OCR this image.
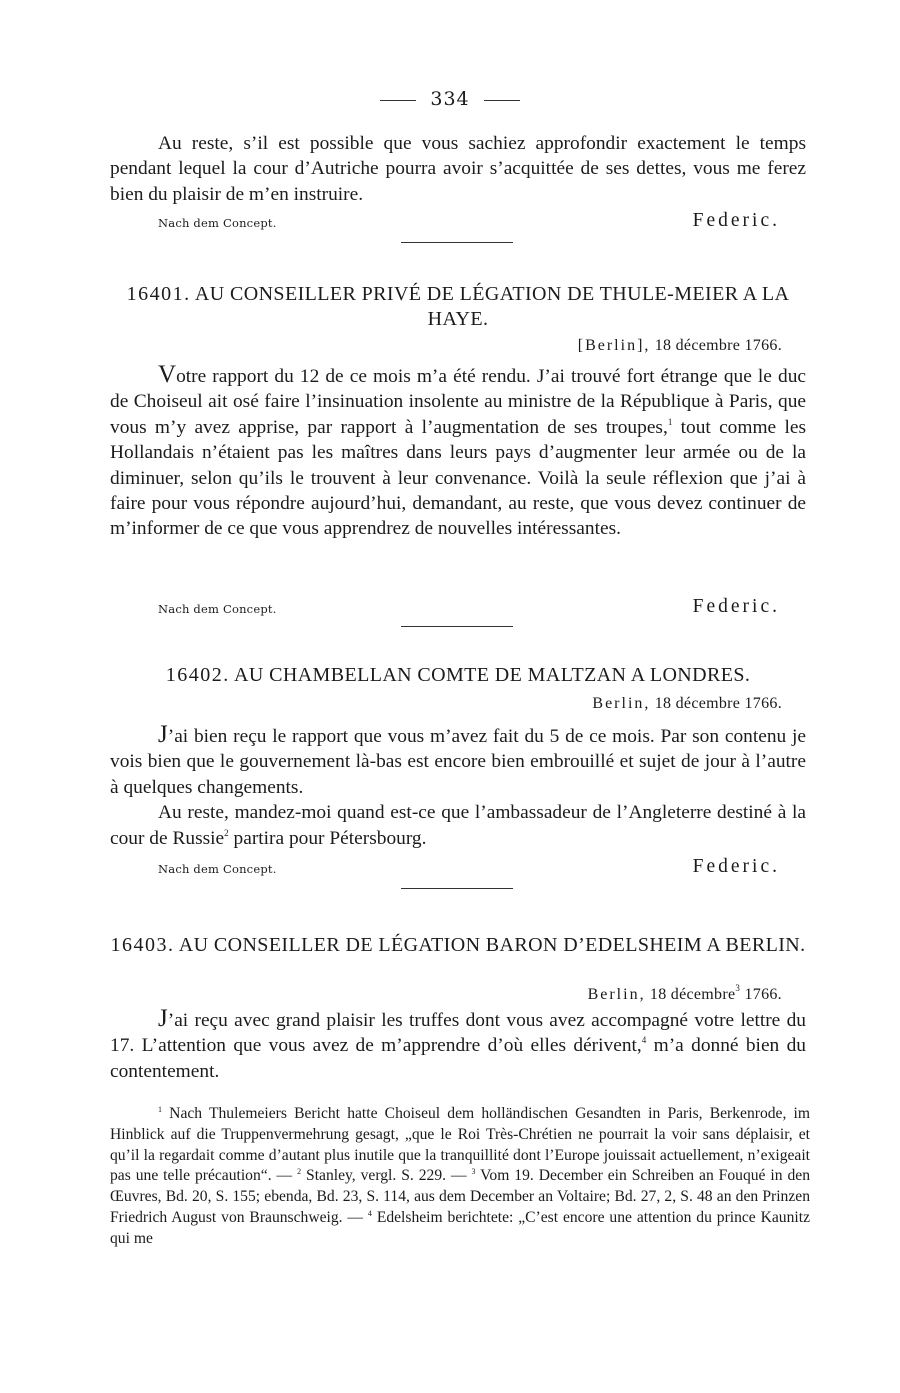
334

Au reste, s’il est possible que vous sachiez approfondir exactement le temps pendant lequel la cour d’Autriche pourra avoir s’acquittée de ses dettes, vous me ferez bien du plaisir de m’en instruire.

Nach dem Concept.	Federic.
16401. AU CONSEILLER PRIVÉ DE LÉGATION DE THULE-MEIER A LA HAYE.
[Berlin], 18 décembre 1766.

Votre rapport du 12 de ce mois m’a été rendu. J’ai trouvé fort étrange que le duc de Choiseul ait osé faire l’insinuation insolente au ministre de la République à Paris, que vous m’y avez apprise, par rapport à l’augmentation de ses troupes,$^1$ tout comme les Hollandais n’étaient pas les maîtres dans leurs pays d’augmenter leur armée ou de la diminuer, selon qu’ils le trouvent à leur convenance. Voilà la seule réflexion que j’ai à faire pour vous répondre aujourd’hui, demandant, au reste, que vous devez continuer de m’informer de ce que vous apprendrez de nouvelles intéressantes.

Nach dem Concept.	Federic.
16402. AU CHAMBELLAN COMTE DE MALTZAN A LONDRES.
Berlin, 18 décembre 1766.

J’ai bien reçu le rapport que vous m’avez fait du 5 de ce mois. Par son contenu je vois bien que le gouvernement là-bas est encore bien embrouillé et sujet de jour à l’autre à quelques changements.

Au reste, mandez-moi quand est-ce que l’ambassadeur de l’Angleterre destiné à la cour de Russie$^2$ partira pour Pétersbourg.

Nach dem Concept.	Federic.
16403. AU CONSEILLER DE LÉGATION BARON D’EDELSHEIM A BERLIN.
Berlin, 18 décembre$^3$ 1766.

J’ai reçu avec grand plaisir les truffes dont vous avez accompagné votre lettre du 17. L’attention que vous avez de m’apprendre d’où elles dérivent,$^4$ m’a donné bien du contentement.

$^1$ Nach Thulemeiers Bericht hatte Choiseul dem holländischen Gesandten in Paris, Berkenrode, im Hinblick auf die Truppenvermehrung gesagt, „que le Roi Très-Chrétien ne pourrait la voir sans déplaisir, et qu’il la regardait comme d’autant plus inutile que la tranquillité dont l’Europe jouissait actuellement, n’exigeait pas une telle précaution“. — $^2$ Stanley, vergl. S. 229. — $^3$ Vom 19. December ein Schreiben an Fouqué in den Œuvres, Bd. 20, S. 155; ebenda, Bd. 23, S. 114, aus dem December an Voltaire; Bd. 27, 2, S. 48 an den Prinzen Friedrich August von Braunschweig. — $^4$ Edelsheim berichtete: „C’est encore une attention du prince Kaunitz qui me
